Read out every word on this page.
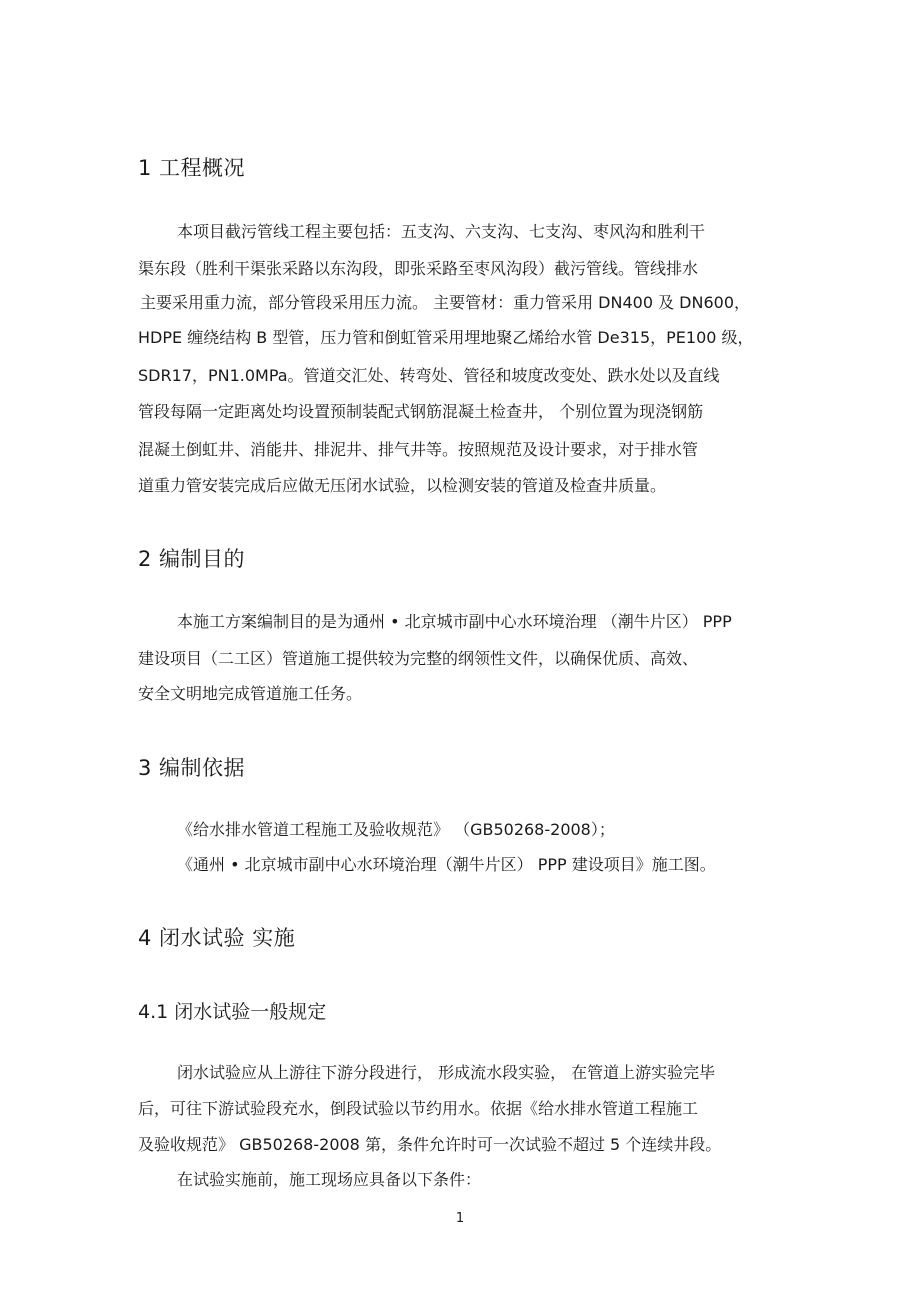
1 工程概况
本项目截污管线工程主要包括：五支沟、六支沟、七支沟、枣风沟和胜利干
渠东段（胜利干渠张采路以东沟段，即张采路至枣风沟段）截污管线。管线排水
主要采用重力流，部分管段采用压力流。 主要管材：重力管采用 DN400 及 DN600，
HDPE 缠绕结构 B 型管，压力管和倒虹管采用埋地聚乙烯给水管 De315，PE100 级，
SDR17，PN1.0MPa。管道交汇处、转弯处、管径和坡度改变处、跌水处以及直线
管段每隔一定距离处均设置预制装配式钢筋混凝土检查井， 个别位置为现浇钢筋
混凝土倒虹井、消能井、排泥井、排气井等。按照规范及设计要求，对于排水管
道重力管安装完成后应做无压闭水试验，以检测安装的管道及检查井质量。
2 编制目的
本施工方案编制目的是为通州 • 北京城市副中心水环境治理 （潮牛片区） PPP
建设项目（二工区）管道施工提供较为完整的纲领性文件，以确保优质、高效、
安全文明地完成管道施工任务。
3 编制依据
《给水排水管道工程施工及验收规范》 （GB50268-2008）；
《通州 • 北京城市副中心水环境治理（潮牛片区） PPP 建设项目》施工图。
4 闭水试验 实施
4.1 闭水试验一般规定
闭水试验应从上游往下游分段进行， 形成流水段实验， 在管道上游实验完毕
后，可往下游试验段充水，倒段试验以节约用水。依据《给水排水管道工程施工
及验收规范》 GB50268-2008 第，条件允许时可一次试验不超过 5 个连续井段。
在试验实施前，施工现场应具备以下条件：
1
